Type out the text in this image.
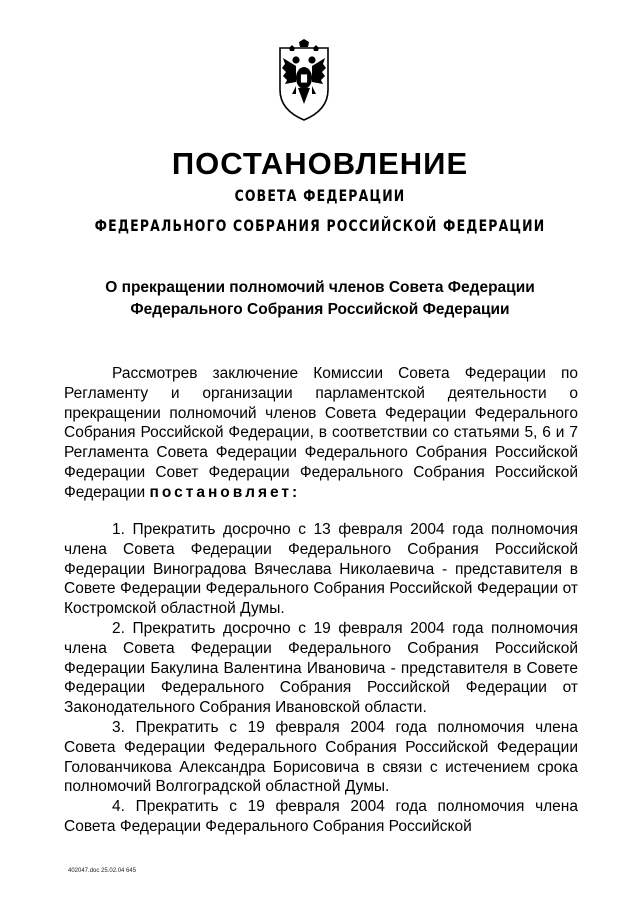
ПОСТАНОВЛЕНИЕ
СОВЕТА ФЕДЕРАЦИИ
ФЕДЕРАЛЬНОГО СОБРАНИЯ РОССИЙСКОЙ ФЕДЕРАЦИИ
О прекращении полномочий членов Совета Федерации
Федерального Собрания Российской Федерации

Рассмотрев заключение Комиссии Совета Федерации по Регламенту и организации парламентской деятельности о прекращении полномочий членов Совета Федерации Федерального Собрания Российской Федерации, в соответствии со статьями 5, 6 и 7 Регламента Совета Федерации Федерального Собрания Российской Федерации Совет Федерации Федерального Собрания Российской Федерации постановляет:

1. Прекратить досрочно с 13 февраля 2004 года полномочия члена Совета Федерации Федерального Собрания Российской Федерации Виноградова Вячеслава Николаевича - представителя в Совете Федерации Федерального Собрания Российской Федерации от Костромской областной Думы.

2. Прекратить досрочно с 19 февраля 2004 года полномочия члена Совета Федерации Федерального Собрания Российской Федерации Бакулина Валентина Ивановича - представителя в Совете Федерации Федерального Собрания Российской Федерации от Законодательного Собрания Ивановской области.

3. Прекратить с 19 февраля 2004 года полномочия члена Совета Федерации Федерального Собрания Российской Федерации Голованчикова Александра Борисовича в связи с истечением срока полномочий Волгоградской областной Думы.

4. Прекратить с 19 февраля 2004 года полномочия члена Совета Федерации Федерального Собрания Российской

402047.doc 25.02.04 645
